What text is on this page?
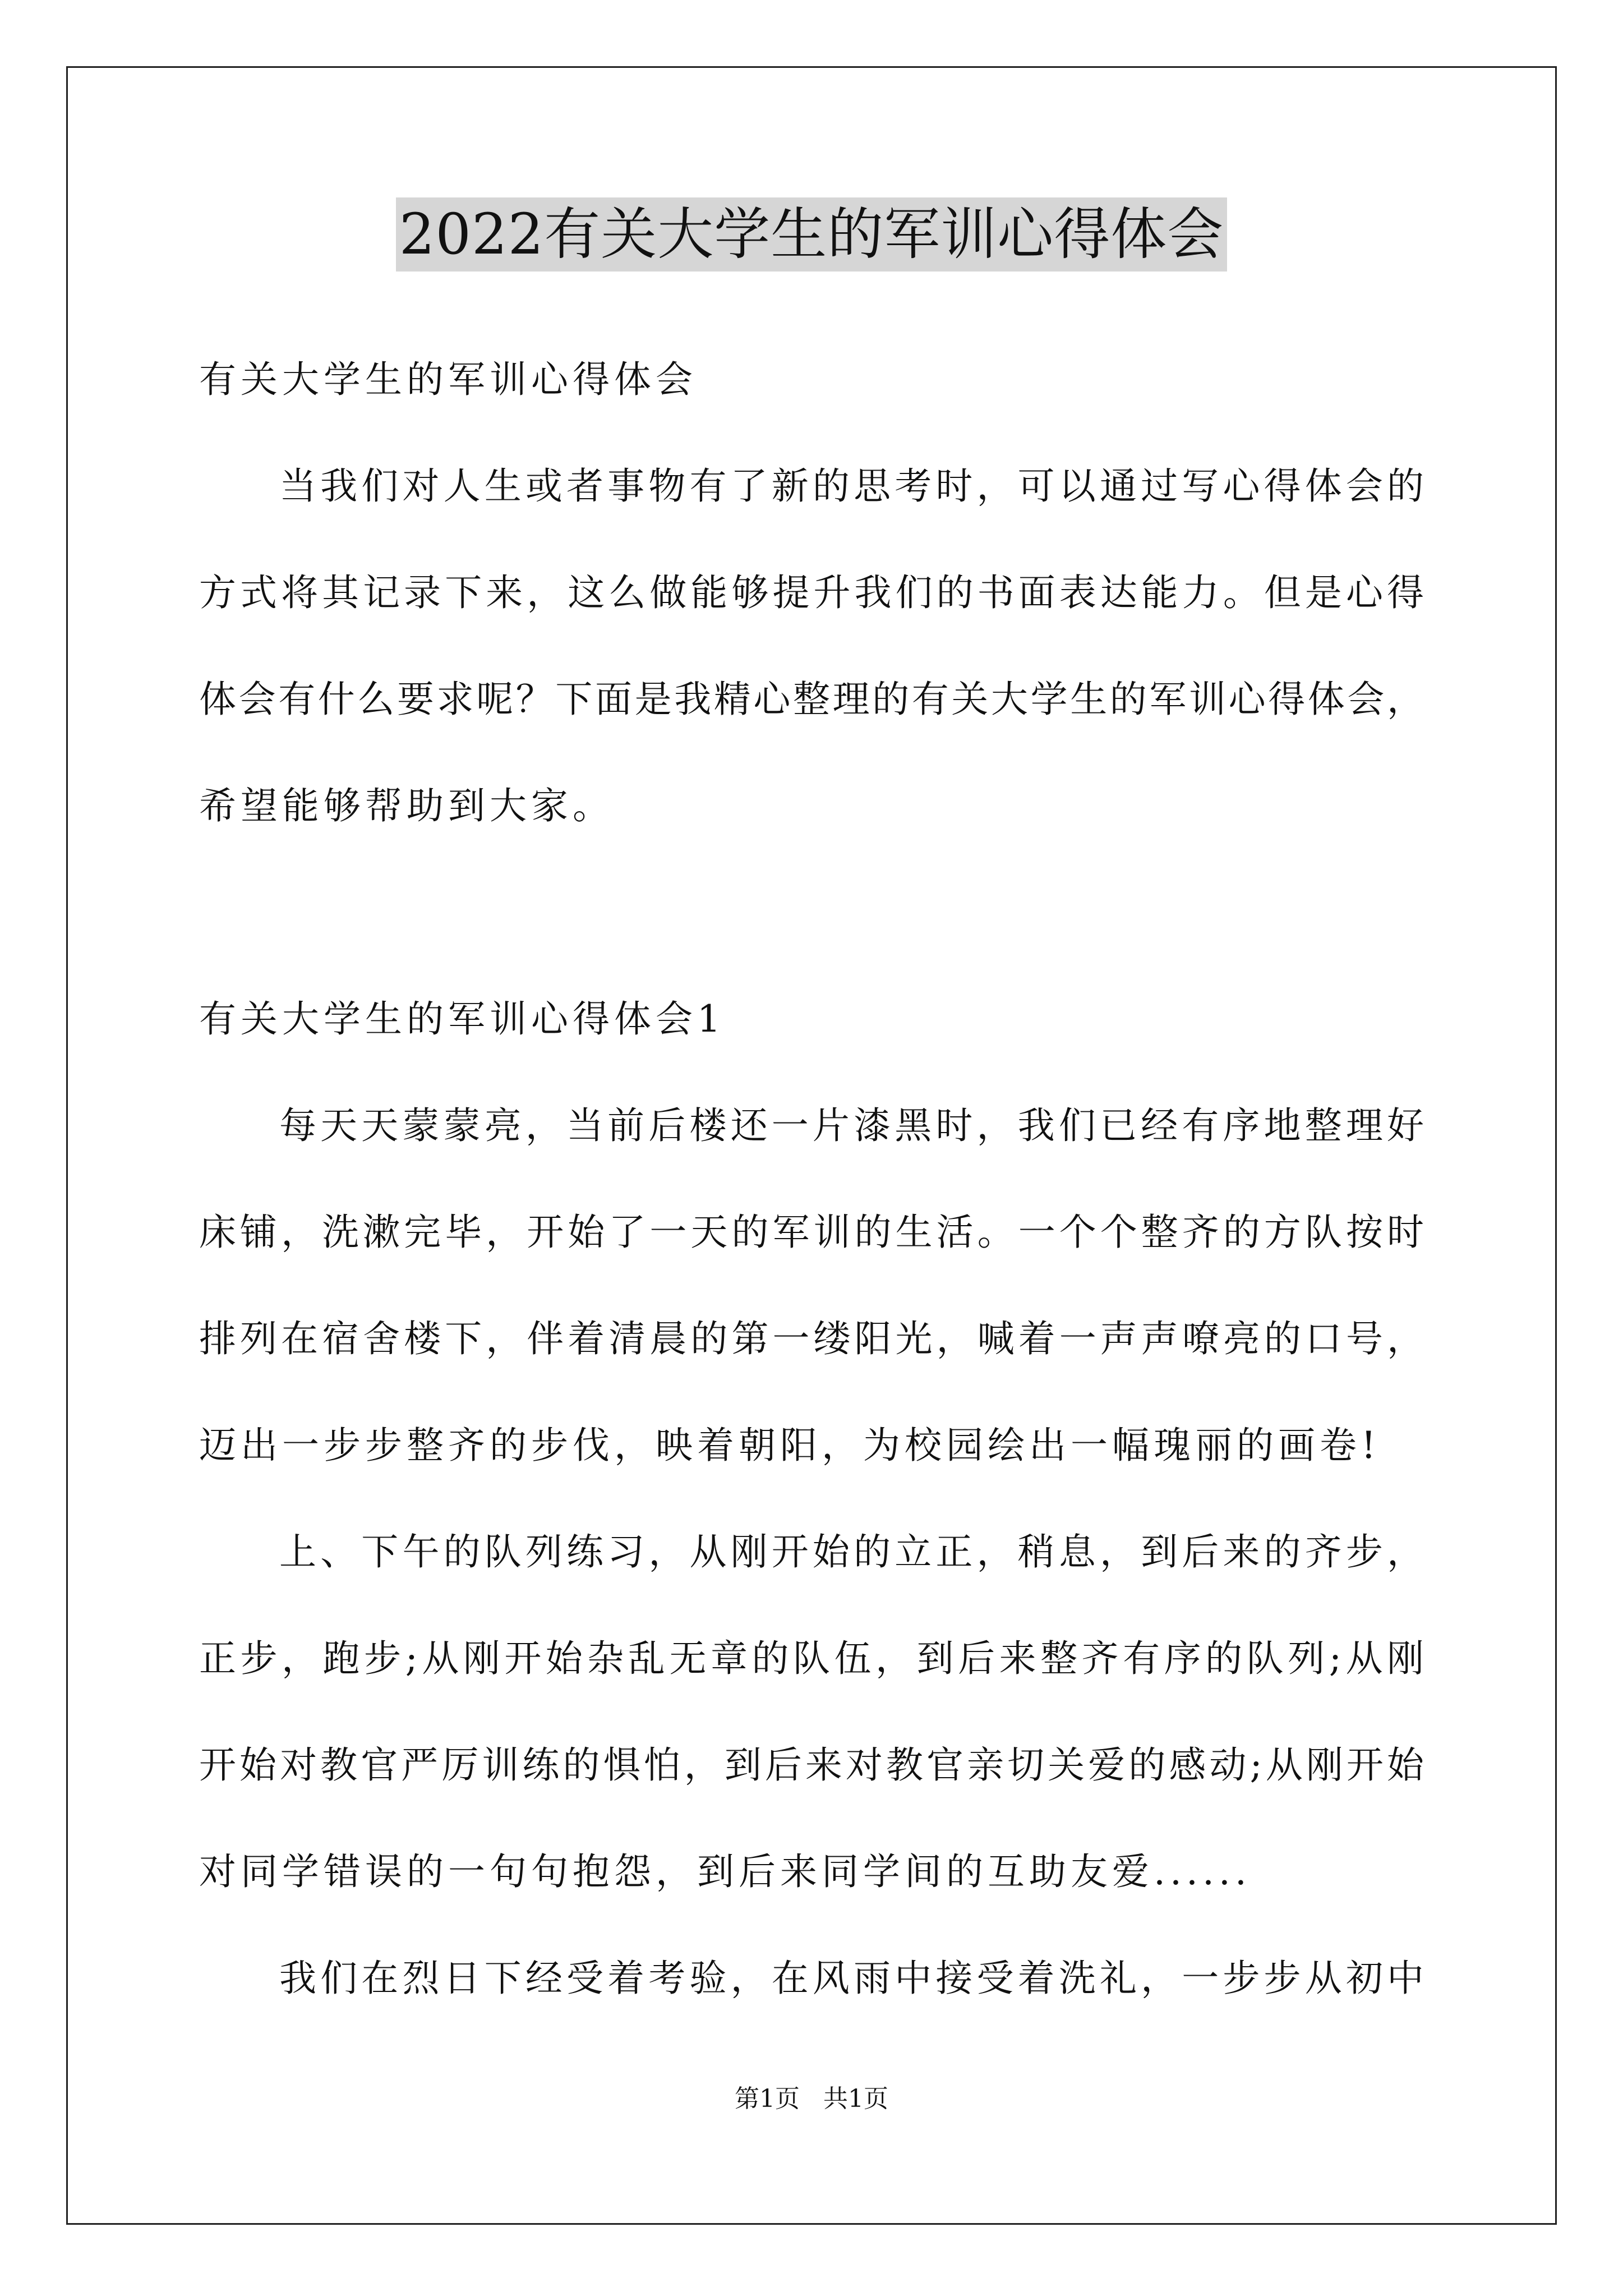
2022有关大学生的军训心得体会
有关大学生的军训心得体会
当我们对人生或者事物有了新的思考时，可以通过写心得体会的
方式将其记录下来，这么做能够提升我们的书面表达能力。但是心得
体会有什么要求呢？下面是我精心整理的有关大学生的军训心得体会，
希望能够帮助到大家。
有关大学生的军训心得体会1
每天天蒙蒙亮，当前后楼还一片漆黑时，我们已经有序地整理好
床铺，洗漱完毕，开始了一天的军训的生活。一个个整齐的方队按时
排列在宿舍楼下，伴着清晨的第一缕阳光，喊着一声声嘹亮的口号，
迈出一步步整齐的步伐，映着朝阳，为校园绘出一幅瑰丽的画卷!
上、下午的队列练习，从刚开始的立正，稍息，到后来的齐步，
正步，跑步;从刚开始杂乱无章的队伍，到后来整齐有序的队列;从刚
开始对教官严厉训练的惧怕，到后来对教官亲切关爱的感动;从刚开始
对同学错误的一句句抱怨，到后来同学间的互助友爱......
我们在烈日下经受着考验，在风雨中接受着洗礼，一步步从初中
第1页   共1页
